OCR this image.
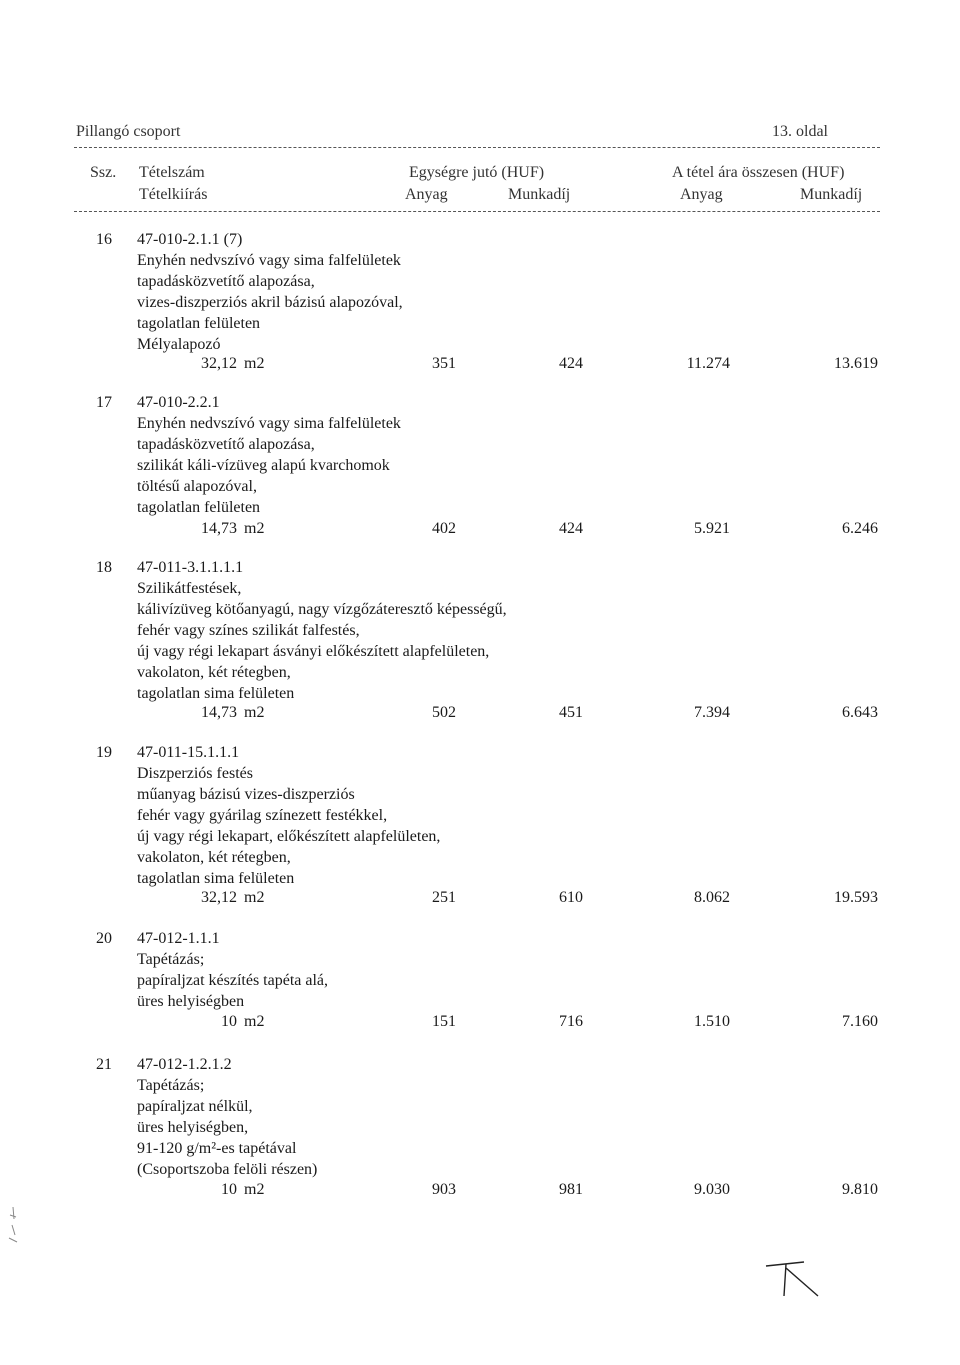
Pillangó csoport	13. oldal
Ssz. Tételszám
Tételkiírás
Egységre jutó (HUF)
Anyag	Munkadíj
A tétel ára összesen (HUF)
Anyag	Munkadíj
16 47-010-2.1.1 (7)
Enyhén nedvszívó vagy sima falfelületek
tapadásközvetítő alapozása,
vizes-diszperziós akril bázisú alapozóval,
tagolatlan felületen
Mélyalapozó
32,12 m2	351	424	11.274	13.619
17 47-010-2.2.1
Enyhén nedvszívó vagy sima falfelületek
tapadásközvetítő alapozása,
szilikát káli-vízüveg alapú kvarchomok
töltésű alapozóval,
tagolatlan felületen
14,73 m2	402	424	5.921	6.246
18 47-011-3.1.1.1.1
Szilikátfestések,
kálivízüveg kötőanyagú, nagy vízgőzáteresztő képességű,
fehér vagy színes szilikát falfestés,
új vagy régi lekapart ásványi előkészített alapfelületen,
vakolaton, két rétegben,
tagolatlan sima felületen
14,73 m2	502	451	7.394	6.643
19 47-011-15.1.1.1
Diszperziós festés
műanyag bázisú vizes-diszperziós
fehér vagy gyárilag színezett festékkel,
új vagy régi lekapart, előkészített alapfelületen,
vakolaton, két rétegben,
tagolatlan sima felületen
32,12 m2	251	610	8.062	19.593
20 47-012-1.1.1
Tapétázás;
papíraljzat készítés tapéta alá,
üres helyiségben
10 m2	151	716	1.510	7.160
21 47-012-1.2.1.2
Tapétázás;
papíraljzat nélkül,
üres helyiségben,
91-120 g/m²-es tapétával
(Csoportszoba felöli részen)
10 m2	903	981	9.030	9.810
